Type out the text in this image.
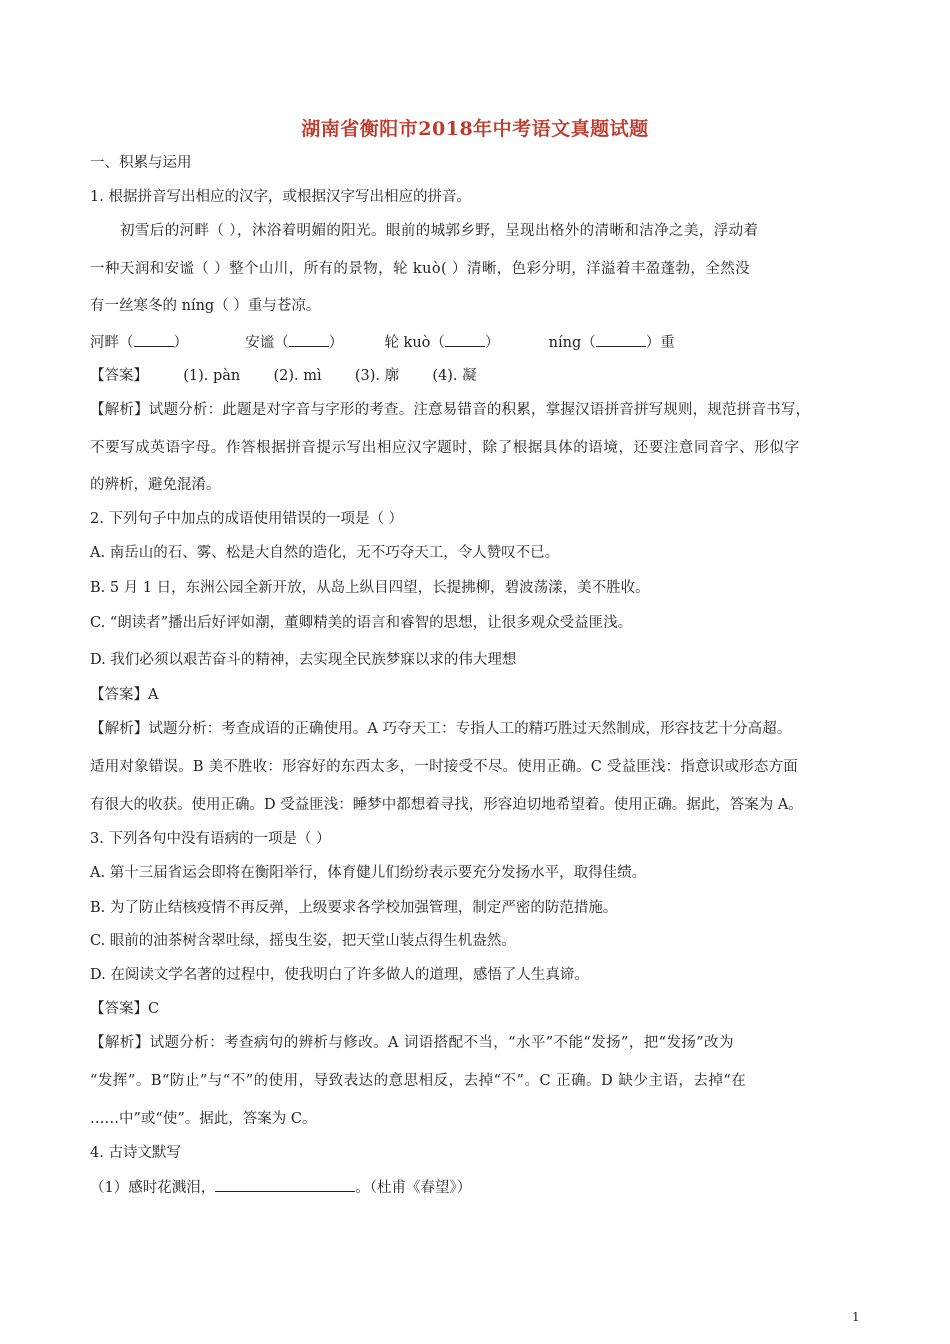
湖南省衡阳市2018年中考语文真题试题
一、积累与运用
1. 根据拼音写出相应的汉字，或根据汉字写出相应的拼音。
初雪后的河畔（ ），沐浴着明媚的阳光。眼前的城郭乡野，呈现出格外的清晰和洁净之美，浮动着
一种天润和安谧（ ）整个山川，所有的景物，轮 kuò( ）清晰，色彩分明，洋溢着丰盈蓬勃，全然没
有一丝寒冬的 níng（ ）重与苍凉。
河畔（	）	安谧（	）	轮 kuò（	）	níng（	）重
【答案】 (1). pàn (2). mì (3). 廓 (4). 凝
【解析】试题分析：此题是对字音与字形的考查。注意易错音的积累，掌握汉语拼音拼写规则，规范拼音书写，
不要写成英语字母。作答根据拼音提示写出相应汉字题时，除了根据具体的语境，还要注意同音字、形似字
的辨析，避免混淆。
2. 下列句子中加点的成语使用错误的一项是（ ）
A. 南岳山的石、雾、松是大自然的造化，无不巧夺天工，令人赞叹不已。
B. 5 月 1 日，东洲公园全新开放，从岛上纵目四望，长提拂柳，碧波荡漾，美不胜收。
C. “朗读者”播出后好评如潮，董卿精美的语言和睿智的思想，让很多观众受益匪浅。
D. 我们必须以艰苦奋斗的精神，去实现全民族梦寐以求的伟大理想
【答案】A
【解析】试题分析：考查成语的正确使用。A 巧夺天工：专指人工的精巧胜过天然制成，形容技艺十分高超。
适用对象错误。B 美不胜收：形容好的东西太多，一时接受不尽。使用正确。C 受益匪浅：指意识或形态方面
有很大的收获。使用正确。D 受益匪浅：睡梦中都想着寻找，形容迫切地希望着。使用正确。据此，答案为 A。
3. 下列各句中没有语病的一项是（ ）
A. 第十三届省运会即将在衡阳举行，体育健儿们纷纷表示要充分发扬水平，取得佳绩。
B. 为了防止结核疫情不再反弹，上级要求各学校加强管理，制定严密的防范措施。
C. 眼前的油茶树含翠吐绿，摇曳生姿，把天堂山装点得生机盎然。
D. 在阅读文学名著的过程中，使我明白了许多做人的道理，感悟了人生真谛。
【答案】C
【解析】试题分析：考查病句的辨析与修改。A 词语搭配不当，“水平”不能“发扬”，把“发扬”改为
“发挥”。B“防止”与“不”的使用，导致表达的意思相反，去掉“不”。C 正确。D 缺少主语，去掉“在
……中”或“使”。据此，答案为 C。
4. 古诗文默写
（1）感时花溅泪，	。（杜甫《春望》）
1
